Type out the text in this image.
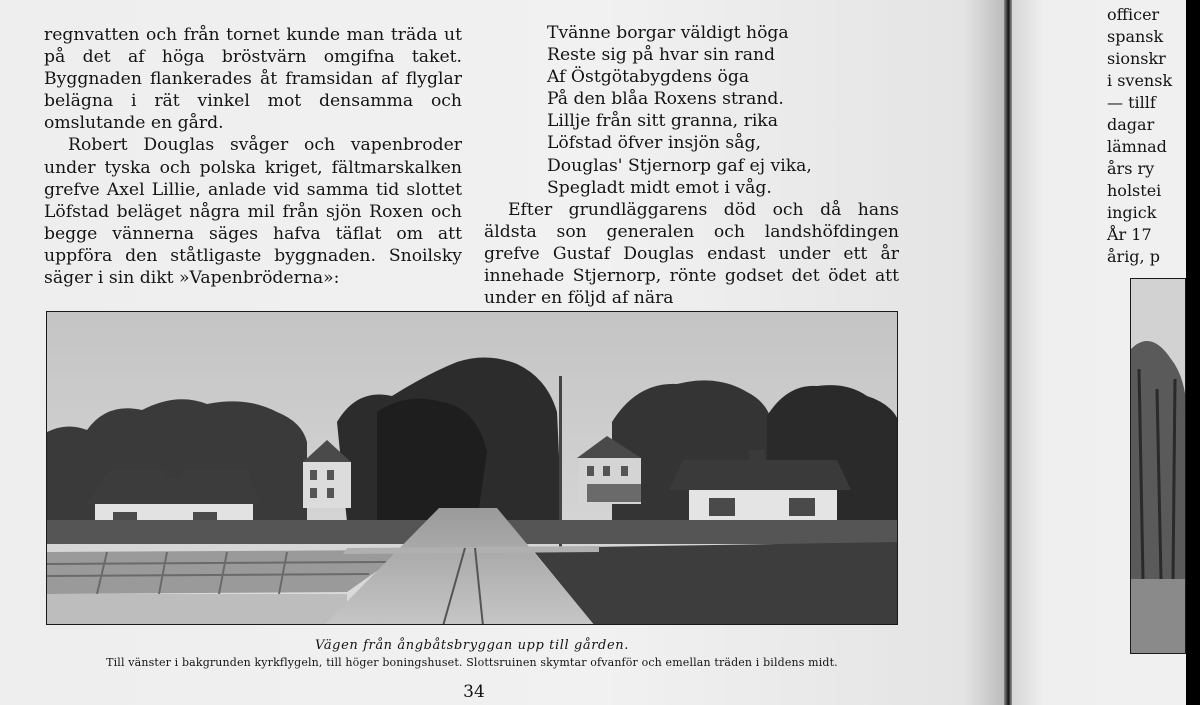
regnvatten och från tornet kunde man träda ut på det af höga bröstvärn omgifna taket. Byggnaden flankerades åt framsidan af flyglar belägna i rät vinkel mot densamma och omslutande en gård.

Robert Douglas svåger och vapenbroder under tyska och polska kriget, fältmarskalken grefve Axel Lillie, anlade vid samma tid slottet Löfstad beläget några mil från sjön Roxen och begge vännerna säges hafva täflat om att uppföra den ståtligaste byggnaden. Snoilsky säger i sin dikt »Vapenbröderna»:

Tvänne borgar väldigt höga
Reste sig på hvar sin rand
Af Östgötabygdens öga
På den blåa Roxens strand.
Lillje från sitt granna, rika
Löfstad öfver insjön såg,
Douglas' Stjernorp gaf ej vika,
Spegladt midt emot i våg.

Efter grundläggarens död och då hans äldsta son generalen och landshöfdingen grefve Gustaf Douglas endast under ett år innehade Stjernorp, rönte godset det ödet att under en följd af nära

Vägen från ångbåtsbryggan upp till gården.
Till vänster i bakgrunden kyrkflygeln, till höger boningshuset. Slottsruinen skymtar ofvanför och emellan träden i bildens midt.
34
officer
spansk
sionskr
i svensk
— tillf
dagar
lämnad
års ry
holstei
ingick
År 17
årig, p
